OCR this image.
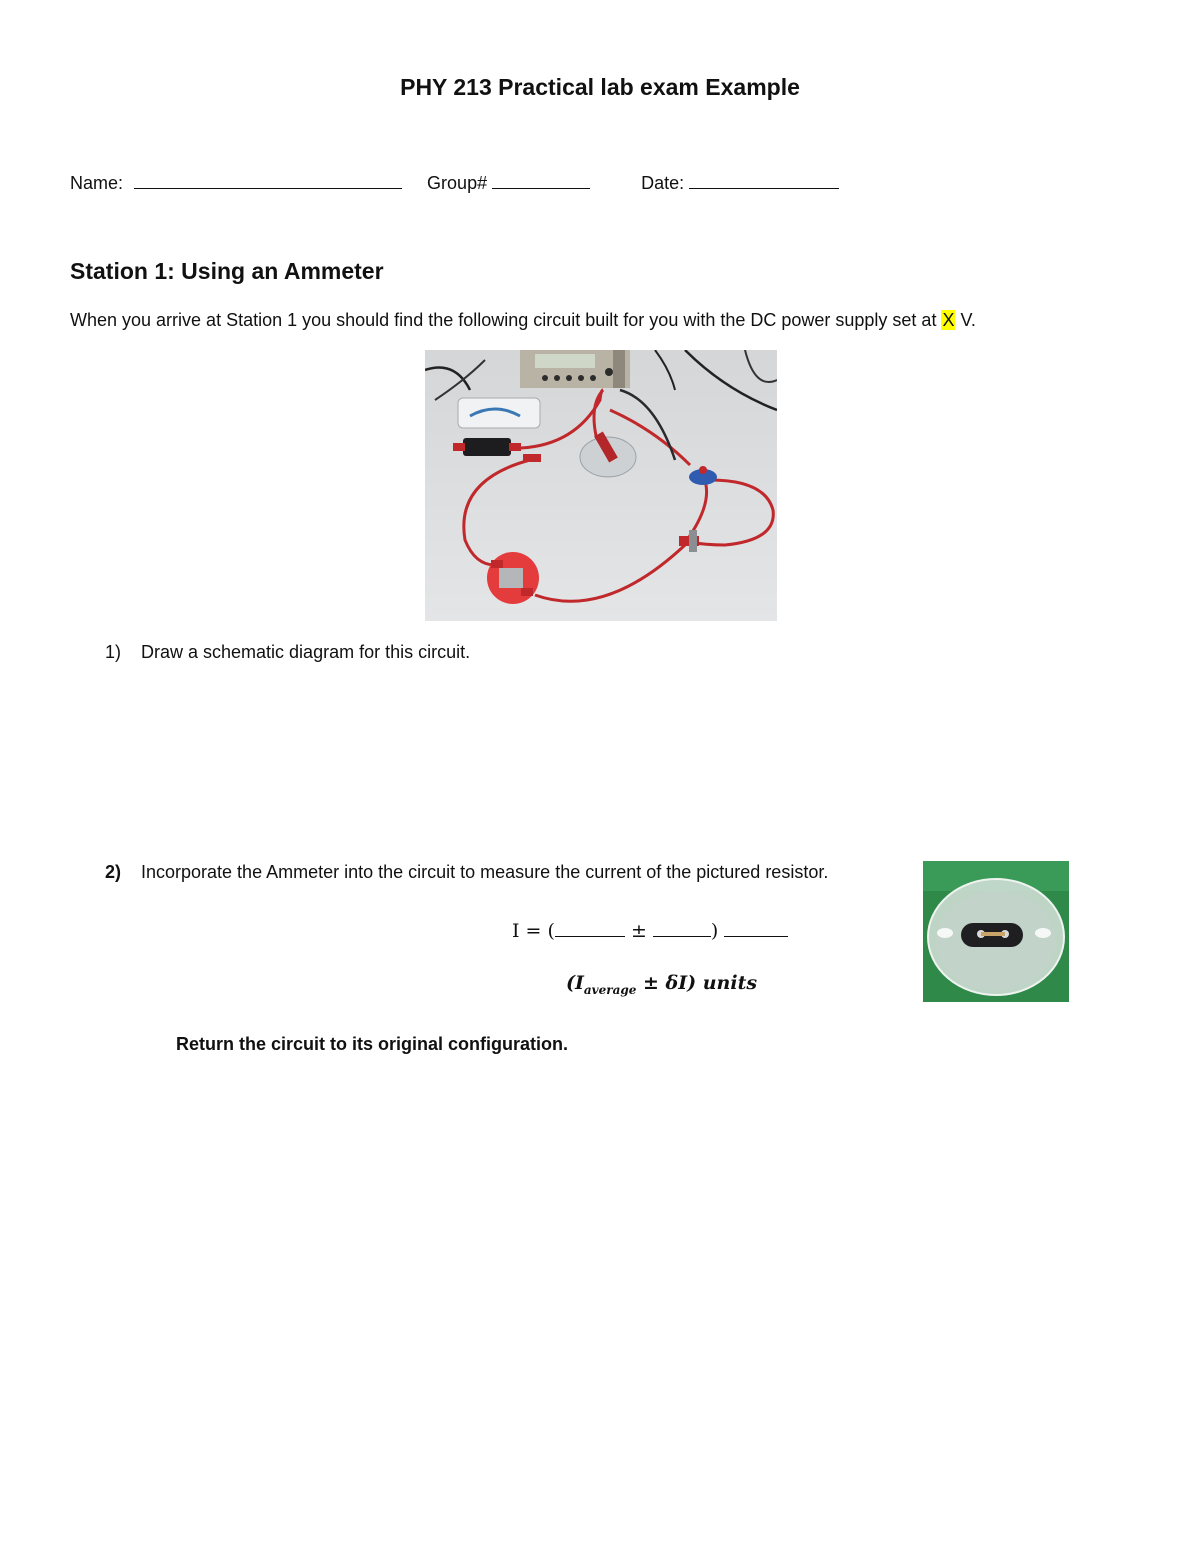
PHY 213 Practical lab exam Example
Name:	Group#	Date:
Station 1: Using an Ammeter
When you arrive at Station 1 you should find the following circuit built for you with the DC power supply set at X V.
1) Draw a schematic diagram for this circuit.
2) Incorporate the Ammeter into the circuit to measure the current of the pictured resistor.
I = (	±	)
$(I_{average} \pm \delta I)$ units
Return the circuit to its original configuration.
